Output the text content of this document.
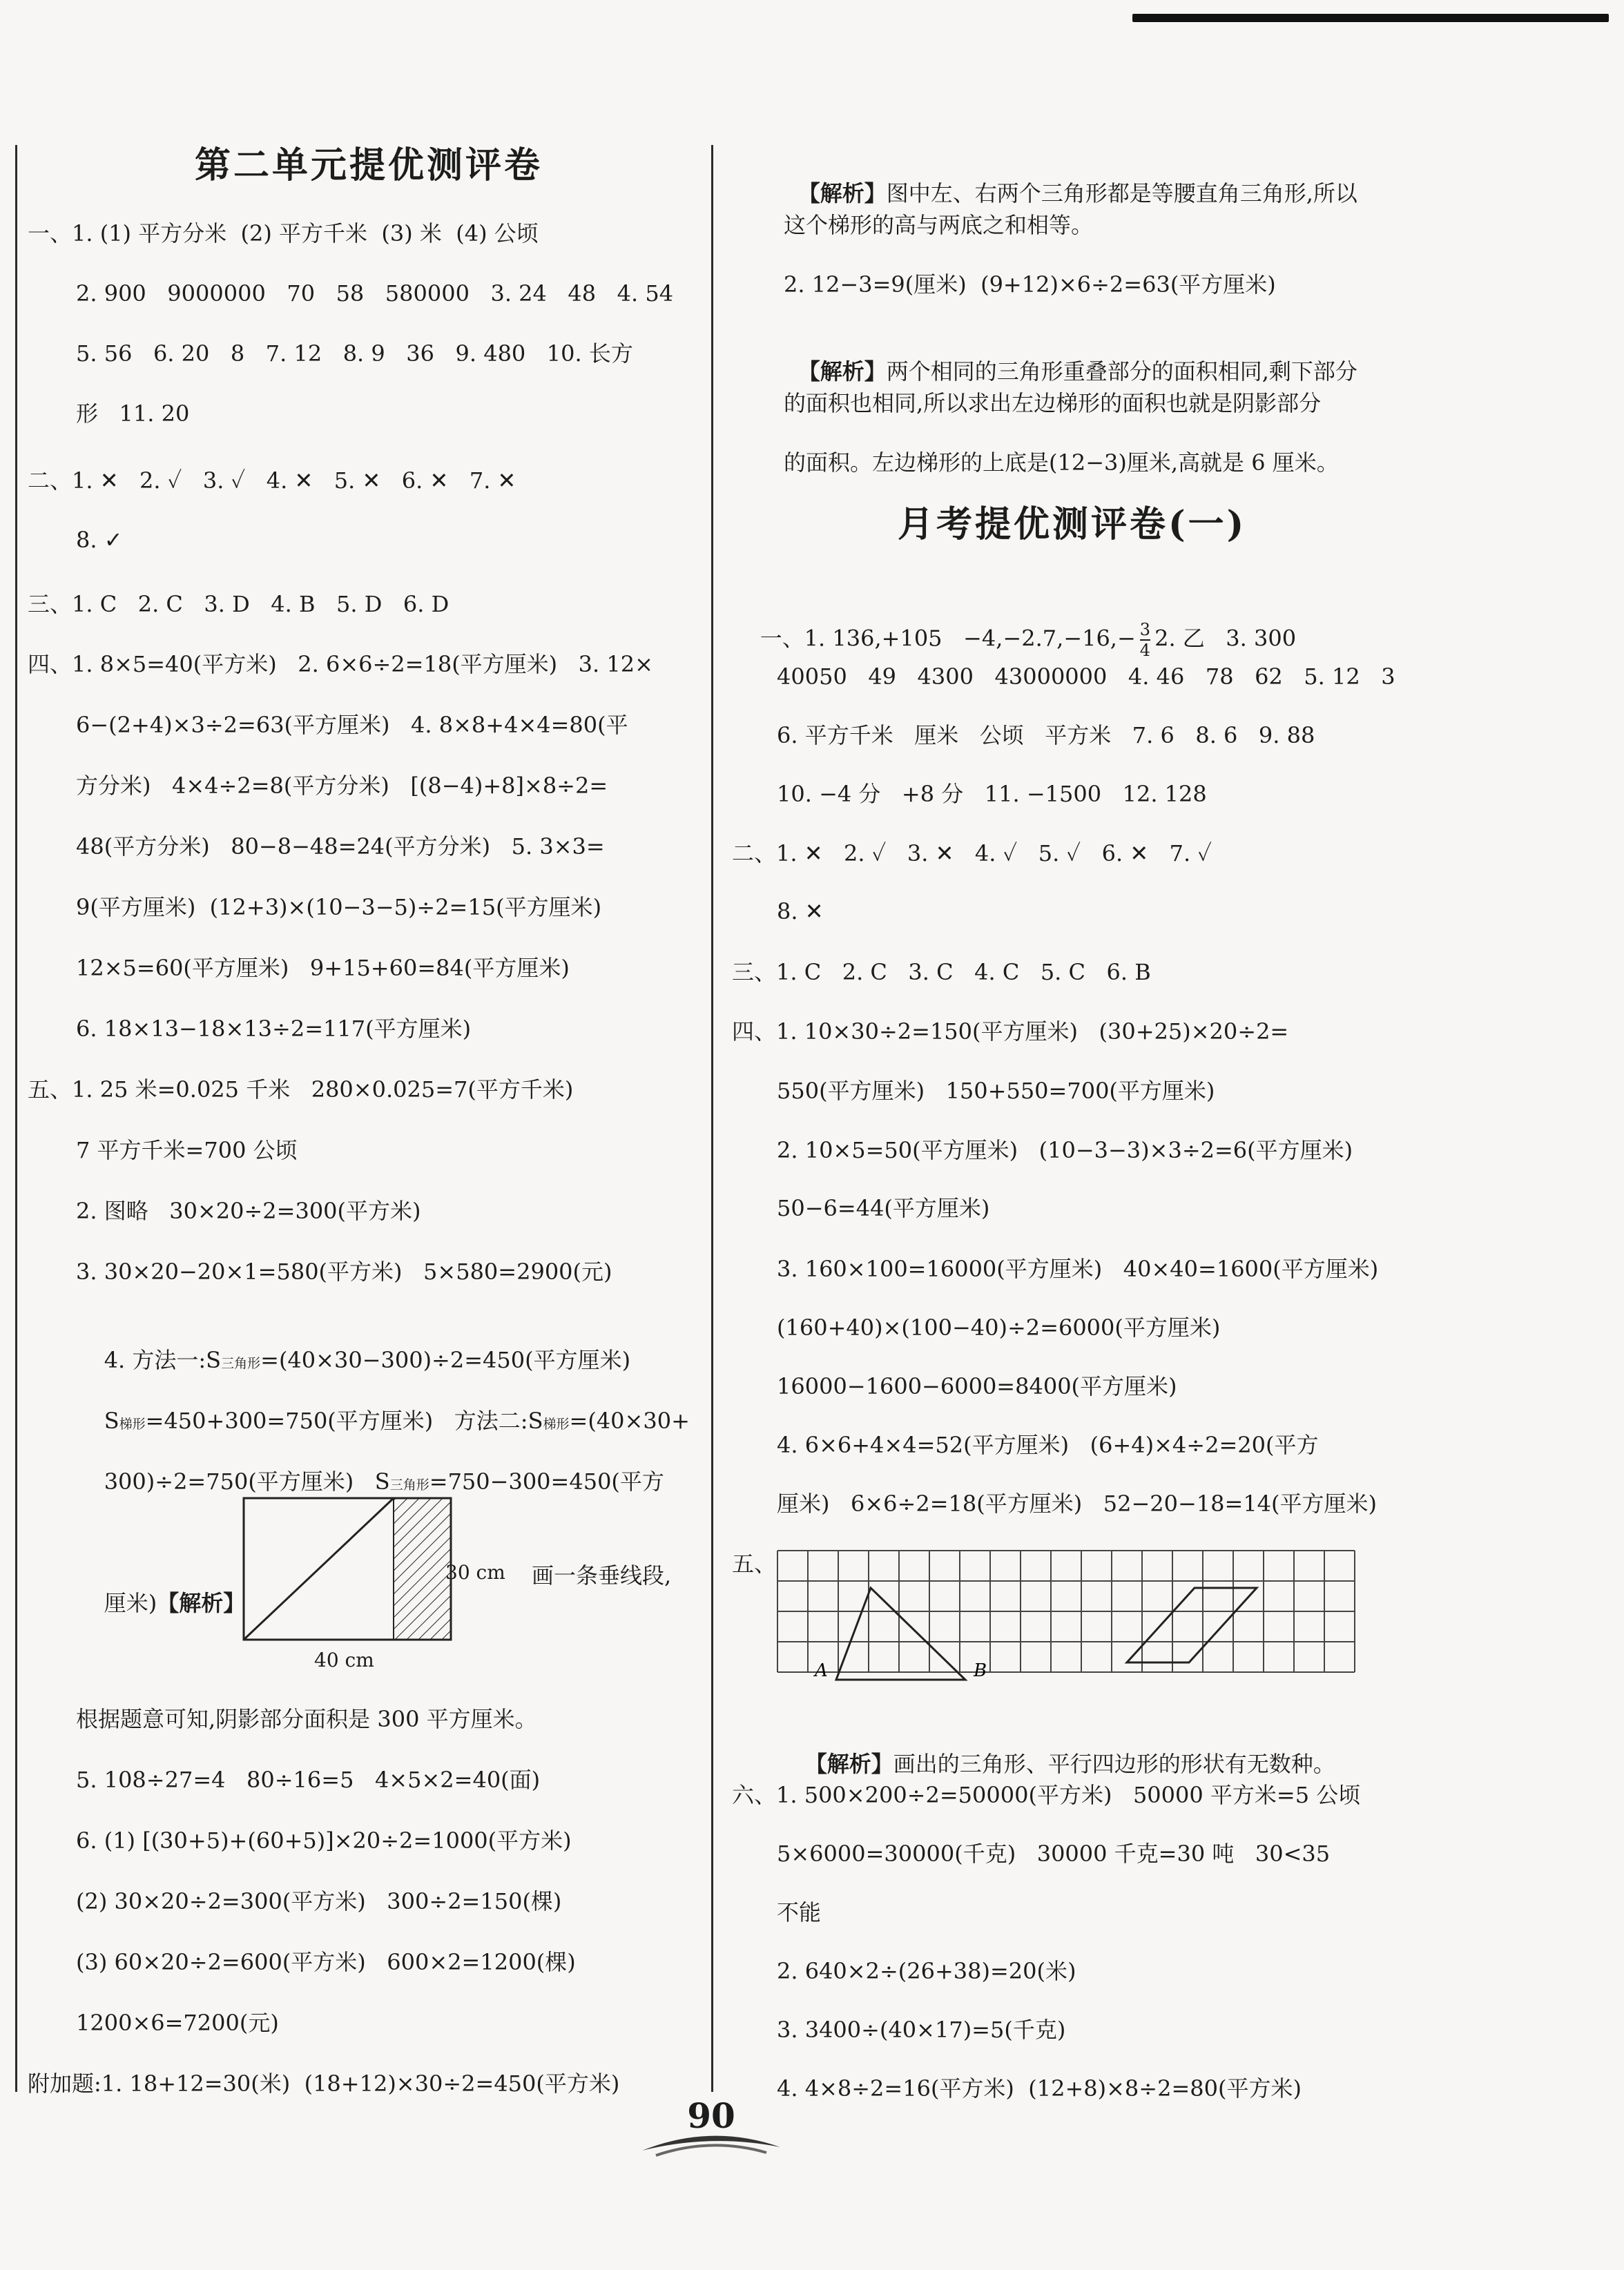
第二单元提优测评卷
一、1. (1) 平方分米  (2) 平方千米  (3) 米  (4) 公顷
2. 900   9000000   70   58   580000   3. 24   48   4. 54
5. 56   6. 20   8   7. 12   8. 9   36   9. 480   10. 长方
形   11. 20
二、1. ✕   2. ✓   3. ✓   4. ✕   5. ✕   6. ✕   7. ✕
8. ✓
三、1. C   2. C   3. D   4. B   5. D   6. D
四、1. 8×5=40(平方米)   2. 6×6÷2=18(平方厘米)   3. 12×
6−(2+4)×3÷2=63(平方厘米)   4. 8×8+4×4=80(平
方分米)   4×4÷2=8(平方分米)   [(8−4)+8]×8÷2=
48(平方分米)   80−8−48=24(平方分米)   5. 3×3=
9(平方厘米)  (12+3)×(10−3−5)÷2=15(平方厘米)
12×5=60(平方厘米)   9+15+60=84(平方厘米)
6. 18×13−18×13÷2=117(平方厘米)
五、1. 25 米=0.025 千米   280×0.025=7(平方千米)
7 平方千米=700 公顷
2. 图略   30×20÷2=300(平方米)
3. 30×20−20×1=580(平方米)   5×580=2900(元)

4. 方法一:S三角形=(40×30−300)÷2=450(平方厘米)

S梯形=450+300=750(平方厘米)   方法二:S梯形=(40×30+

300)÷2=750(平方厘米)   S三角形=750−300=450(平方

厘米)【解析】

30 cm
40 cm
画一条垂线段,
根据题意可知,阴影部分面积是 300 平方厘米。
5. 108÷27=4   80÷16=5   4×5×2=40(面)
6. (1) [(30+5)+(60+5)]×20÷2=1000(平方米)
(2) 30×20÷2=300(平方米)   300÷2=150(棵)
(3) 60×20÷2=600(平方米)   600×2=1200(棵)
1200×6=7200(元)
附加题:1. 18+12=30(米)  (18+12)×30÷2=450(平方米)

【解析】图中左、右两个三角形都是等腰直角三角形,所以

这个梯形的高与两底之和相等。
2. 12−3=9(厘米)  (9+12)×6÷2=63(平方厘米)

【解析】两个相同的三角形重叠部分的面积相同,剩下部分

的面积也相同,所以求出左边梯形的面积也就是阴影部分
的面积。左边梯形的上底是(12−3)厘米,高就是 6 厘米。
月考提优测评卷(一)

一、1. $136,+105 -4,-2.7,-16,- \frac{3}{4} 2$. 乙   3. 300

40050   49   4300   43000000   4. 46   78   62   5. 12   3
6. 平方千米   厘米   公顷   平方米   7. 6   8. 6   9. 88
10. −4 分   +8 分   11. −1500   12. 128
二、1. ✕   2. ✓   3. ✕   4. ✓   5. ✓   6. ✕   7. ✓
8. ✕
三、1. C   2. C   3. C   4. C   5. C   6. B
四、1. 10×30÷2=150(平方厘米)   (30+25)×20÷2=
550(平方厘米)   150+550=700(平方厘米)
2. 10×5=50(平方厘米)   (10−3−3)×3÷2=6(平方厘米)
50−6=44(平方厘米)
3. 160×100=16000(平方厘米)   40×40=1600(平方厘米)
(160+40)×(100−40)÷2=6000(平方厘米)
16000−1600−6000=8400(平方厘米)
4. 6×6+4×4=52(平方厘米)   (6+4)×4÷2=20(平方
厘米)   6×6÷2=18(平方厘米)   52−20−18=14(平方厘米)
五、
A	B

【解析】画出的三角形、平行四边形的形状有无数种。

六、1. 500×200÷2=50000(平方米)   50000 平方米=5 公顷
5×6000=30000(千克)   30000 千克=30 吨   30<35
不能
2. 640×2÷(26+38)=20(米)
3. 3400÷(40×17)=5(千克)
4. 4×8÷2=16(平方米)  (12+8)×8÷2=80(平方米)
90
